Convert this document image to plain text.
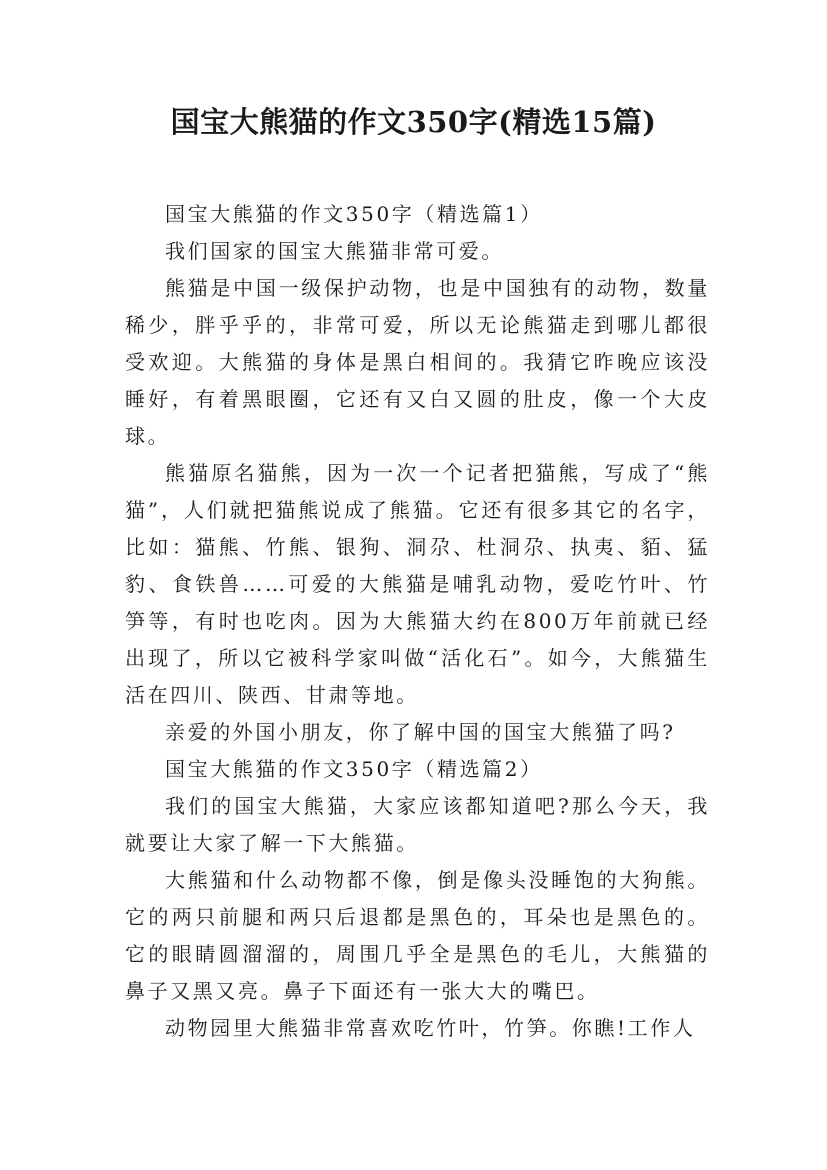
国宝大熊猫的作文350字(精选15篇)

国宝大熊猫的作文350字（精选篇1）

我们国家的国宝大熊猫非常可爱。

熊猫是中国一级保护动物，也是中国独有的动物，数量稀少，胖乎乎的，非常可爱，所以无论熊猫走到哪儿都很受欢迎。大熊猫的身体是黑白相间的。我猜它昨晚应该没睡好，有着黑眼圈，它还有又白又圆的肚皮，像一个大皮球。

熊猫原名猫熊，因为一次一个记者把猫熊，写成了“熊猫”，人们就把猫熊说成了熊猫。它还有很多其它的名字，比如：猫熊、竹熊、银狗、洞尕、杜洞尕、执夷、貊、猛豹、食铁兽……可爱的大熊猫是哺乳动物，爱吃竹叶、竹笋等，有时也吃肉。因为大熊猫大约在800万年前就已经出现了，所以它被科学家叫做“活化石”。如今，大熊猫生活在四川、陕西、甘肃等地。

亲爱的外国小朋友，你了解中国的国宝大熊猫了吗?

国宝大熊猫的作文350字（精选篇2）

我们的国宝大熊猫，大家应该都知道吧?那么今天，我就要让大家了解一下大熊猫。

大熊猫和什么动物都不像，倒是像头没睡饱的大狗熊。它的两只前腿和两只后退都是黑色的，耳朵也是黑色的。它的眼睛圆溜溜的，周围几乎全是黑色的毛儿，大熊猫的鼻子又黑又亮。鼻子下面还有一张大大的嘴巴。

动物园里大熊猫非常喜欢吃竹叶，竹笋。你瞧!工作人
